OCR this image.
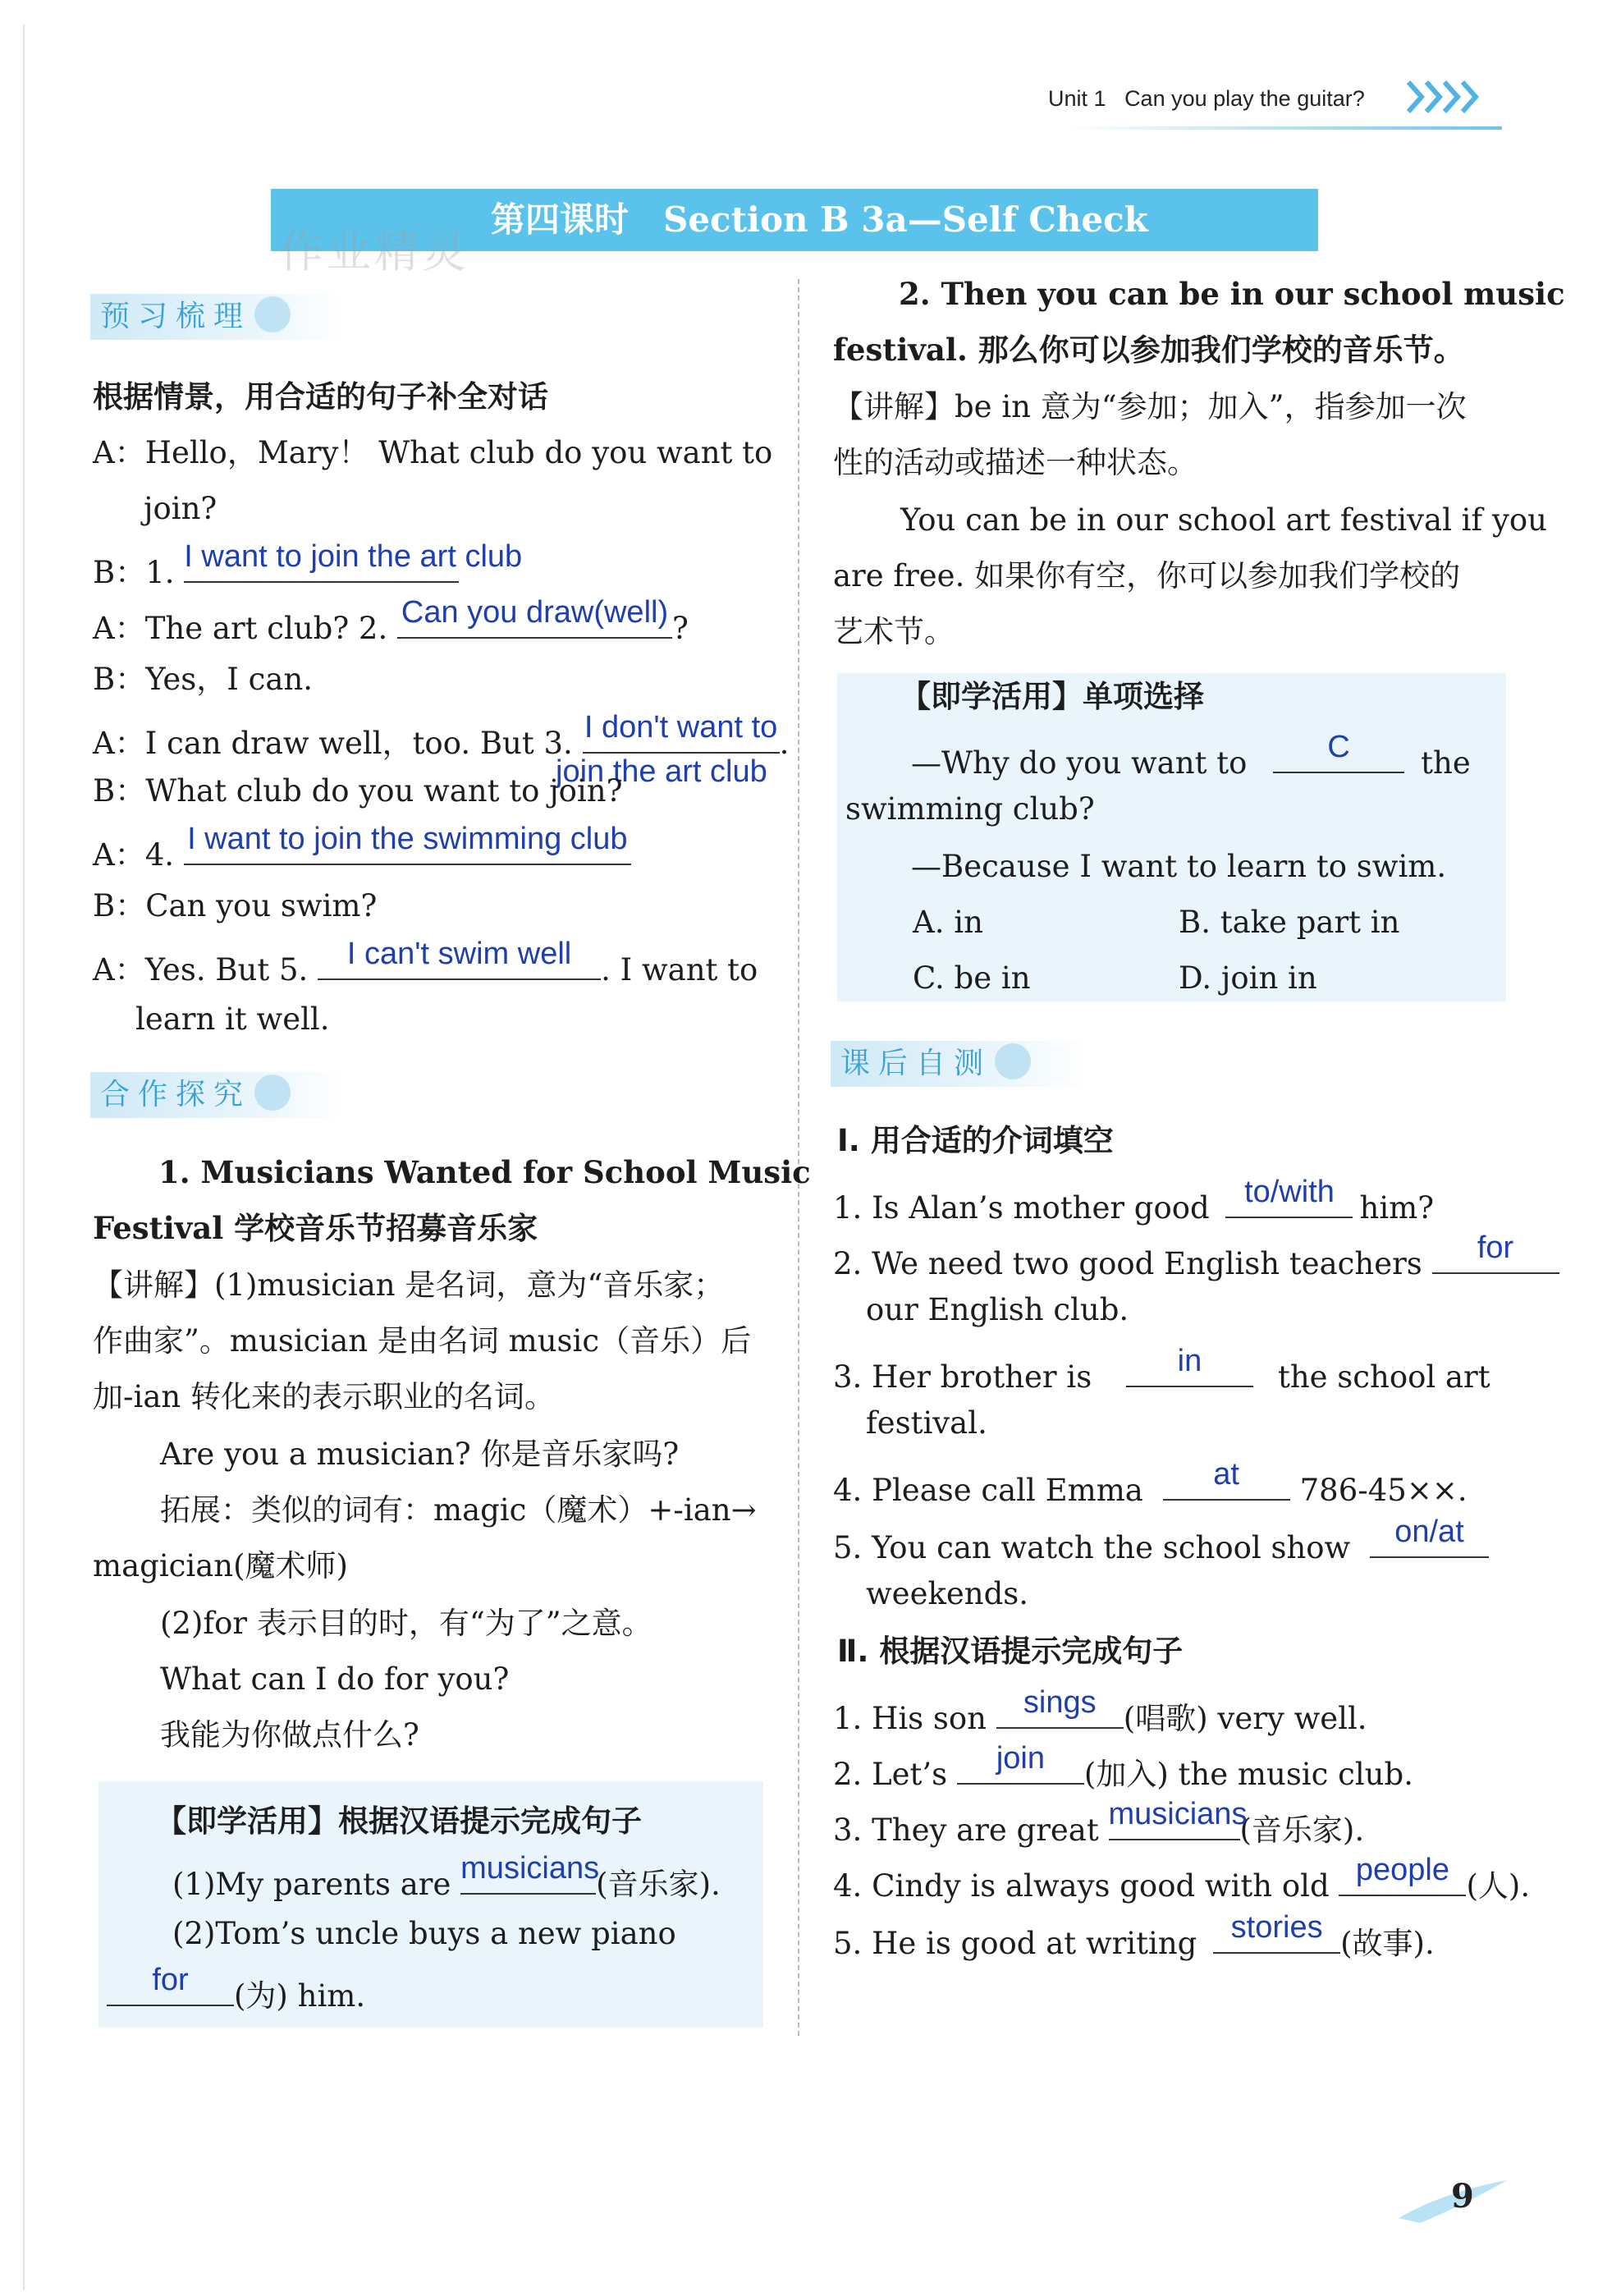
Unit 1 Can you play the guitar?
第四课时　Section B 3a—Self Check
作业精灵
预习梳理
根据情景，用合适的句子补全对话
A：Hello，Mary！ What club do you want to
join?
B：1. I want to join the art club
A：The art club? 2. Can you draw(well) ?
B：Yes，I can.
A：I can draw well，too. But 3. I don't want to .
join the art club
B：What club do you want to join?
A：4. I want to join the swimming club
B：Can you swim?
A：Yes. But 5.	I can't swim well . I want to
learn it well.
合作探究
1. Musicians Wanted for School Music
Festival 学校音乐节招募音乐家
【讲解】(1)musician 是名词，意为“音乐家；
作曲家”。musician 是由名词 music（音乐）后
加-ian 转化来的表示职业的名词。
Are you a musician? 你是音乐家吗?
拓展：类似的词有：magic（魔术）+-ian→
magician(魔术师)
(2)for 表示目的时，有“为了”之意。
What can I do for you?
我能为你做点什么?
【即学活用】根据汉语提示完成句子
(1)My parents are musicians
(音乐家).
(2)Tom’s uncle buys a new piano
for	(为) him.
2. Then you can be in our school music
festival. 那么你可以参加我们学校的音乐节。
【讲解】be in 意为“参加；加入”，指参加一次
性的活动或描述一种状态。
You can be in our school art festival if you
are free. 如果你有空，你可以参加我们学校的
艺术节。
【即学活用】单项选择
—Why do you want to	C	the
swimming club?
—Because I want to learn to swim.
A. in	B. take part in
C. be in	D. join in
课后自测
Ⅰ. 用合适的介词填空
1. Is Alan’s mother good	to/with him?
2. We need two good English teachers	for
our English club.
3. Her brother is	in	the school art
festival.
4. Please call Emma	at	786-45××.
5. You can watch the school show	on/at
weekends.
Ⅱ. 根据汉语提示完成句子
1. His son	sings (唱歌) very well.
2. Let’s	join	(加入) the music club.
3. They are great musicians
(音乐家).
4. Cindy is always good with old people (人).
5. He is good at writing	stories (故事).
9
